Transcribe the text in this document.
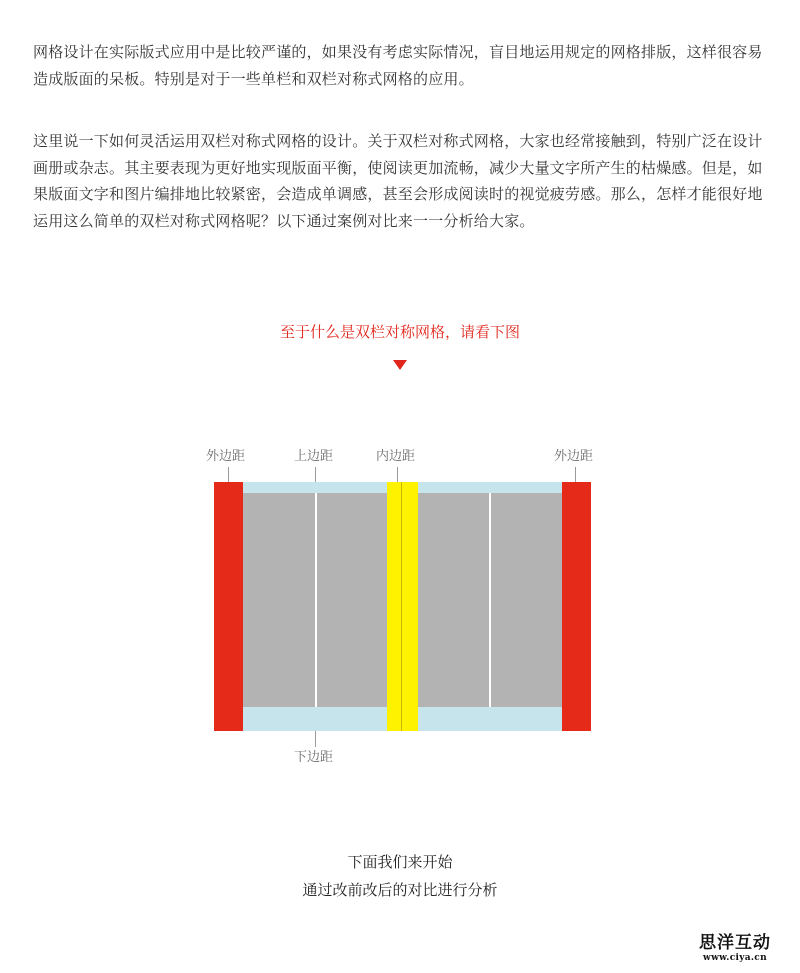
网格设计在实际版式应用中是比较严谨的，如果没有考虑实际情况，盲目地运用规定的网格排版，这样很容易造成版面的呆板。特别是对于一些单栏和双栏对称式网格的应用。

这里说一下如何灵活运用双栏对称式网格的设计。关于双栏对称式网格，大家也经常接触到，特别广泛在设计画册或杂志。其主要表现为更好地实现版面平衡，使阅读更加流畅，减少大量文字所产生的枯燥感。但是，如果版面文字和图片编排地比较紧密，会造成单调感，甚至会形成阅读时的视觉疲劳感。那么，怎样才能很好地运用这么简单的双栏对称式网格呢？以下通过案例对比来一一分析给大家。

至于什么是双栏对称网格，请看下图
外边距	上边距	内边距	外边距
下边距
下面我们来开始
通过改前改后的对比进行分析
思洋互动
www.ciya.cn
